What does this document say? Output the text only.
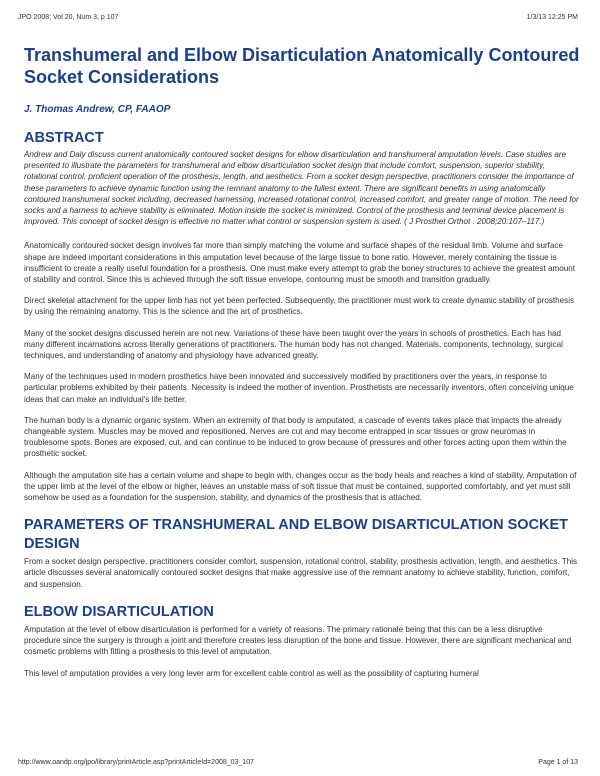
JPO 2008; Vol 20, Num 3, p 107	1/3/13 12:25 PM
Transhumeral and Elbow Disarticulation Anatomically Contoured Socket Considerations
J. Thomas Andrew, CP, FAAOP
ABSTRACT

Andrew and Daly discuss current anatomically contoured socket designs for elbow disarticulation and transhumeral amputation levels. Case studies are presented to illustrate the parameters for transhumeral and elbow disarticulation socket design that include comfort, suspension, superior stability, rotational control, proficient operation of the prosthesis, length, and aesthetics. From a socket design perspective, practitioners consider the importance of these parameters to achieve dynamic function using the remnant anatomy to the fullest extent. There are significant benefits in using anatomically contoured transhumeral socket including, decreased harnessing, increased rotational control, increased comfort, and greater range of motion. The need for socks and a harness to achieve stability is eliminated. Motion inside the socket is minimized. Control of the prosthesis and terminal device placement is improved. This concept of socket design is effective no matter what control or suspension system is used. ( J Prosthet Orthot . 2008;20:107–117.)

Anatomically contoured socket design involves far more than simply matching the volume and surface shapes of the residual limb. Volume and surface shape are indeed important considerations in this amputation level because of the large tissue to bone ratio. However, merely containing the tissue is insufficient to create a really useful foundation for a prosthesis. One must make every attempt to grab the boney structures to achieve the greatest amount of stability and control. Since this is achieved through the soft tissue envelope, contouring must be smooth and transition gradually.

Direct skeletal attachment for the upper limb has not yet been perfected. Subsequently, the practitioner must work to create dynamic stability of prosthesis by using the remaining anatomy. This is the science and the art of prosthetics.

Many of the socket designs discussed herein are not new. Variations of these have been taught over the years in schools of prosthetics. Each has had many different incarnations across literally generations of practitioners. The human body has not changed. Materials, components, technology, surgical techniques, and understanding of anatomy and physiology have advanced greatly.

Many of the techniques used in modern prosthetics have been innovated and successively modified by practitioners over the years, in response to particular problems exhibited by their patients. Necessity is indeed the mother of invention. Prosthetists are necessarily inventors, often conceiving unique ideas that can make an individual's life better.

The human body is a dynamic organic system. When an extremity of that body is amputated, a cascade of events takes place that impacts the already changeable system. Muscles may be moved and repositioned. Nerves are cut and may become entrapped in scar tissues or grow neuromas in troublesome spots. Bones are exposed, cut, and can continue to be induced to grow because of pressures and other forces acting upon them within the prosthetic socket.

Although the amputation site has a certain volume and shape to begin with, changes occur as the body heals and reaches a kind of stability. Amputation of the upper limb at the level of the elbow or higher, leaves an unstable mass of soft tissue that must be contained, supported comfortably, and yet must still somehow be used as a foundation for the suspension, stability, and dynamics of the prosthesis that is attached.

PARAMETERS OF TRANSHUMERAL AND ELBOW DISARTICULATION SOCKET DESIGN

From a socket design perspective, practitioners consider comfort, suspension, rotational control, stability, prosthesis activation, length, and aesthetics. This article discusses several anatomically contoured socket designs that make aggressive use of the remnant anatomy to achieve stability, function, comfort, and suspension.

ELBOW DISARTICULATION

Amputation at the level of elbow disarticulation is performed for a variety of reasons. The primary rationale being that this can be a less disruptive procedure since the surgery is through a joint and therefore creates less disruption of the bone and tissue. However, there are significant mechanical and cosmetic problems with fitting a prosthesis to this level of amputation.

This level of amputation provides a very long lever arm for excellent cable control as well as the possibility of capturing humeral

http://www.oandp.org/jpo/library/printArticle.asp?printArticleId=2008_03_107	Page 1 of 13
